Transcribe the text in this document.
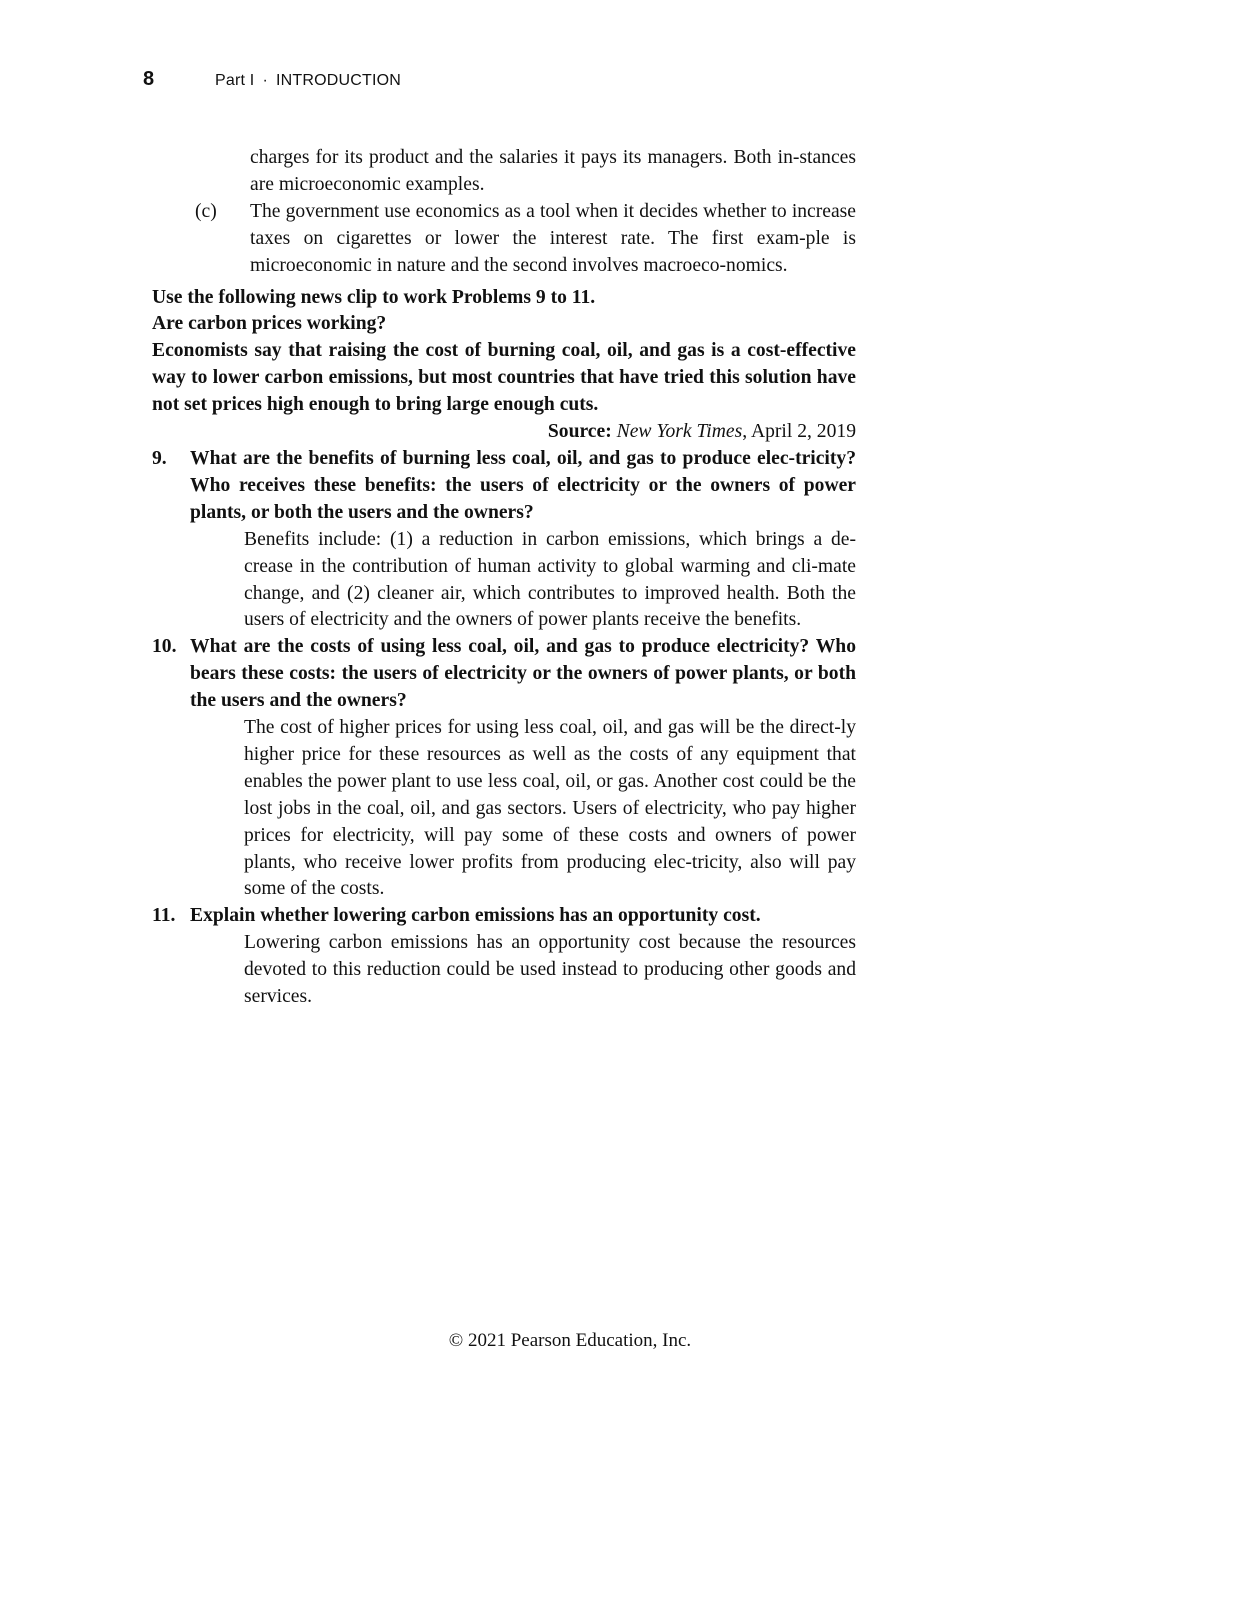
8	Part I · INTRODUCTION

charges for its product and the salaries it pays its managers. Both in-stances are microeconomic examples.

(c) The government use economics as a tool when it decides whether to increase taxes on cigarettes or lower the interest rate. The first exam-ple is microeconomic in nature and the second involves macroeco-nomics.

Use the following news clip to work Problems 9 to 11.

Are carbon prices working?

Economists say that raising the cost of burning coal, oil, and gas is a cost-effective way to lower carbon emissions, but most countries that have tried this solution have not set prices high enough to bring large enough cuts.

Source: New York Times, April 2, 2019

9. What are the benefits of burning less coal, oil, and gas to produce elec-tricity? Who receives these benefits: the users of electricity or the owners of power plants, or both the users and the owners?

Benefits include: (1) a reduction in carbon emissions, which brings a de-crease in the contribution of human activity to global warming and cli-mate change, and (2) cleaner air, which contributes to improved health. Both the users of electricity and the owners of power plants receive the benefits.

10. What are the costs of using less coal, oil, and gas to produce electricity? Who bears these costs: the users of electricity or the owners of power plants, or both the users and the owners?

The cost of higher prices for using less coal, oil, and gas will be the direct-ly higher price for these resources as well as the costs of any equipment that enables the power plant to use less coal, oil, or gas. Another cost could be the lost jobs in the coal, oil, and gas sectors. Users of electricity, who pay higher prices for electricity, will pay some of these costs and owners of power plants, who receive lower profits from producing elec-tricity, also will pay some of the costs.

11. Explain whether lowering carbon emissions has an opportunity cost.

Lowering carbon emissions has an opportunity cost because the resources devoted to this reduction could be used instead to producing other goods and services.

© 2021 Pearson Education, Inc.
